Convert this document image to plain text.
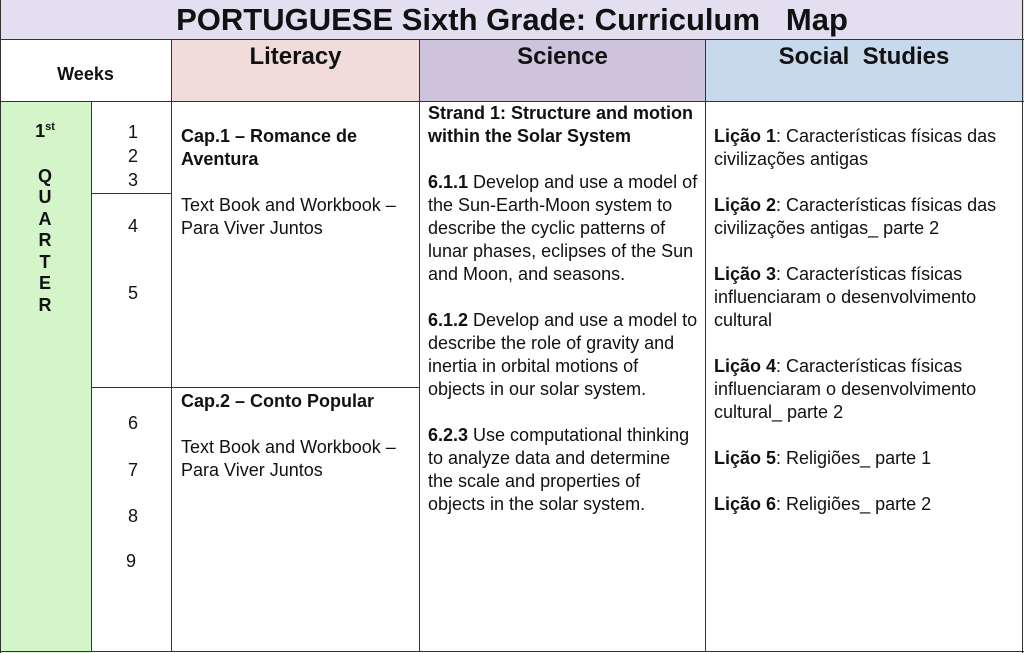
PORTUGUESE Sixth Grade: Curriculum   Map
Weeks
Literacy	Science	Social  Studies
1st
Q
U
A
R
T
E
R
1
2
3
4
5
6
7
8
9
Cap.1 – Romance de Aventura
Text Book and Workbook – Para Viver Juntos
Cap.2 – Conto Popular
Text Book and Workbook – Para Viver Juntos
Strand 1: Structure and motion within the Solar System
6.1.1 Develop and use a model of the Sun-Earth-Moon system to describe the cyclic patterns of lunar phases, eclipses of the Sun and Moon, and seasons.
6.1.2 Develop and use a model to describe the role of gravity and inertia in orbital motions of objects in our solar system.
6.2.3 Use computational thinking to analyze data and determine the scale and properties of objects in the solar system.
Lição 1: Características físicas das civilizações antigas
Lição 2: Características físicas das civilizações antigas_ parte 2
Lição 3: Características físicas influenciaram o desenvolvimento cultural
Lição 4: Características físicas influenciaram o desenvolvimento cultural_ parte 2
Lição 5: Religiões_ parte 1
Lição 6: Religiões_ parte 2
